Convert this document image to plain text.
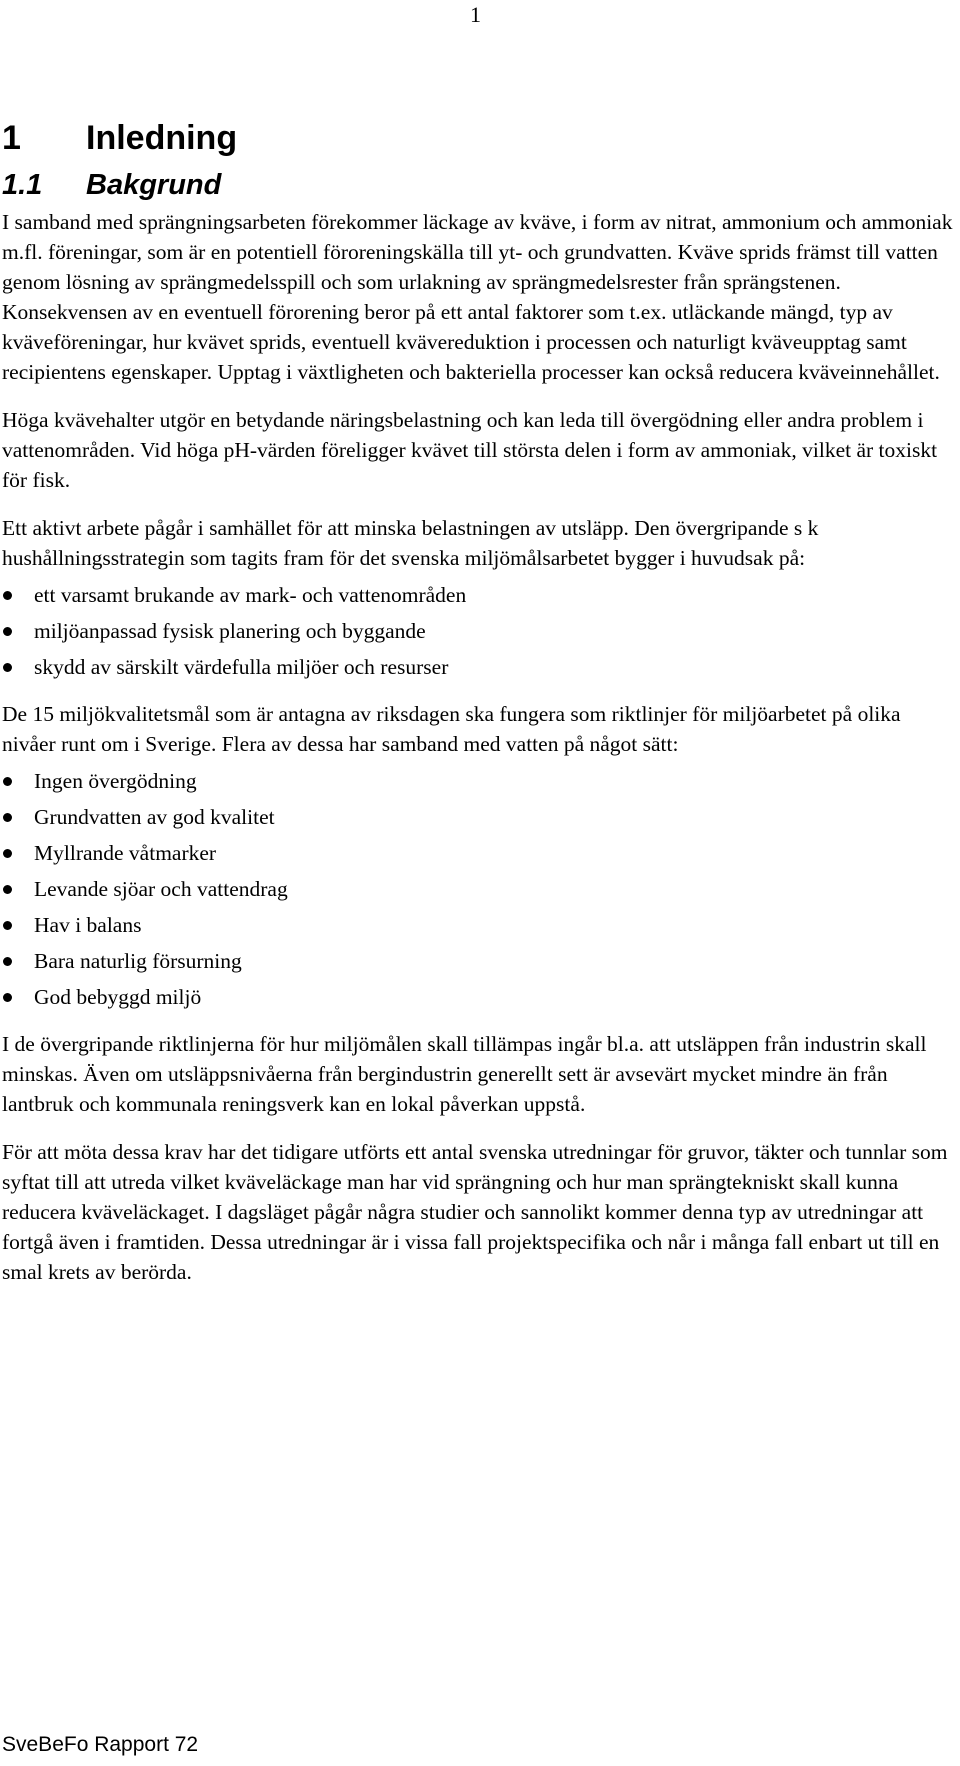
1
1	Inledning
1.1	Bakgrund

I samband med sprängningsarbeten förekommer läckage av kväve, i form av nitrat, ammonium och ammoniak m.fl. föreningar, som är en potentiell föroreningskälla till yt- och grundvatten. Kväve sprids främst till vatten genom lösning av sprängmedelsspill och som urlakning av sprängmedelsrester från sprängstenen. Konsekvensen av en eventuell förorening beror på ett antal faktorer som t.ex. utläckande mängd, typ av kväveföreningar, hur kvävet sprids, eventuell kvävereduktion i processen och naturligt kväveupptag samt recipientens egenskaper. Upptag i växtligheten och bakteriella processer kan också reducera kväveinnehållet.

Höga kvävehalter utgör en betydande näringsbelastning och kan leda till övergödning eller andra problem i vattenområden. Vid höga pH-värden föreligger kvävet till största delen i form av ammoniak, vilket är toxiskt för fisk.

Ett aktivt arbete pågår i samhället för att minska belastningen av utsläpp. Den övergripande s k hushållningsstrategin som tagits fram för det svenska miljömålsarbetet bygger i huvudsak på:

ett varsamt brukande av mark- och vattenområden
miljöanpassad fysisk planering och byggande
skydd av särskilt värdefulla miljöer och resurser

De 15 miljökvalitetsmål som är antagna av riksdagen ska fungera som riktlinjer för miljöarbetet på olika nivåer runt om i Sverige. Flera av dessa har samband med vatten på något sätt:

Ingen övergödning
Grundvatten av god kvalitet
Myllrande våtmarker
Levande sjöar och vattendrag
Hav i balans
Bara naturlig försurning
God bebyggd miljö

I de övergripande riktlinjerna för hur miljömålen skall tillämpas ingår bl.a. att utsläppen från industrin skall minskas. Även om utsläppsnivåerna från bergindustrin generellt sett är avsevärt mycket mindre än från lantbruk och kommunala reningsverk kan en lokal påverkan uppstå.

För att möta dessa krav har det tidigare utförts ett antal svenska utredningar för gruvor, täkter och tunnlar som syftat till att utreda vilket kväveläckage man har vid sprängning och hur man sprängtekniskt skall kunna reducera kväveläckaget. I dagsläget pågår några studier och sannolikt kommer denna typ av utredningar att fortgå även i framtiden. Dessa utredningar är i vissa fall projektspecifika och når i många fall enbart ut till en smal krets av berörda.

SveBeFo Rapport 72
